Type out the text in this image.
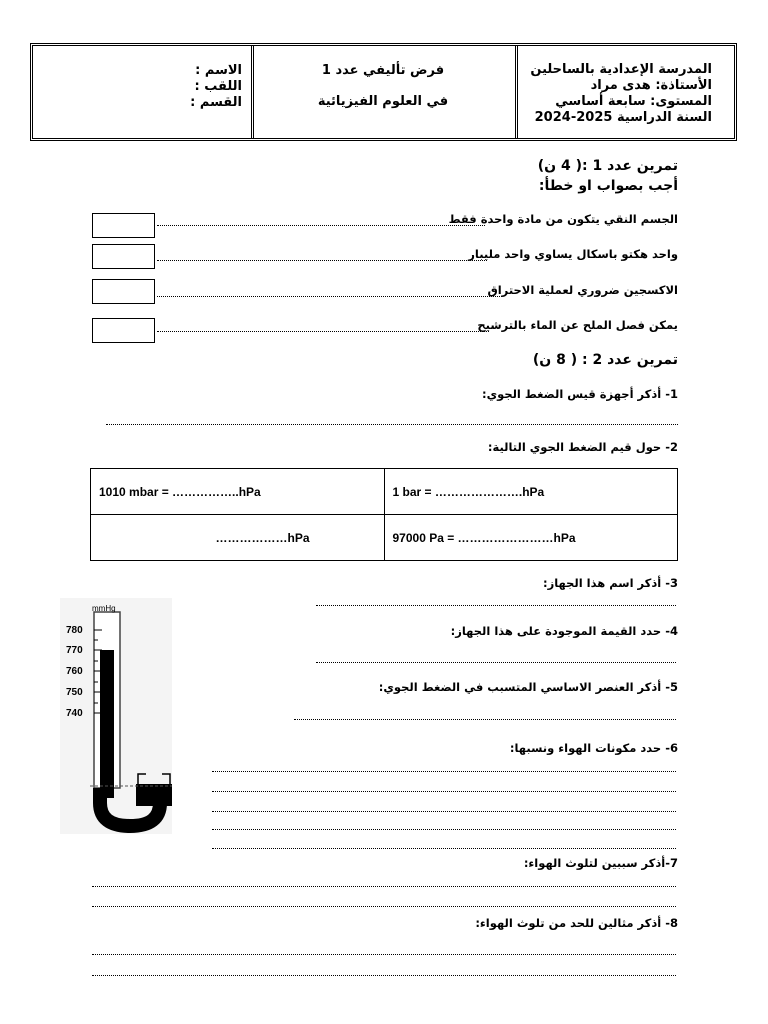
المدرسة الإعدادية بالساحلين
الأستاذة: هدى مراد
المستوى: سابعة أساسي
السنة الدراسية 2025-2024
فرض تأليفي عدد 1
في العلوم الفيزيائية
الاسم :
اللقب :
القسم :
تمرين عدد 1 :( 4 ن)
أجب بصواب او خطأ:
الجسم النقي يتكون من مادة واحدة فقط
واحد هكتو باسكال يساوي واحد مليبار
الاكسجين ضروري لعملية الاحتراق
يمكن فصل الملح عن الماء بالترشيح
تمرين عدد 2 : ( 8 ن)
1- أذكر أجهزة قيس الضغط الجوي:
2- حول قيم الضغط الجوي التالية:
1010 mbar = ……………..hPa	1 bar = ………………….hPa
………………hPa	97000 Pa = ……………………hPa
3- أذكر اسم هذا الجهاز:
4- حدد القيمة الموجودة على هذا الجهاز:
5- أذكر العنصر الاساسي المتسبب في الضغط الجوي:
6- حدد مكونات الهواء ونسبها:
7-أذكر سببين لتلوث الهواء:
8- أذكر مثالين للحد من تلوث الهواء:
mmHg
780
770
760
750
740
